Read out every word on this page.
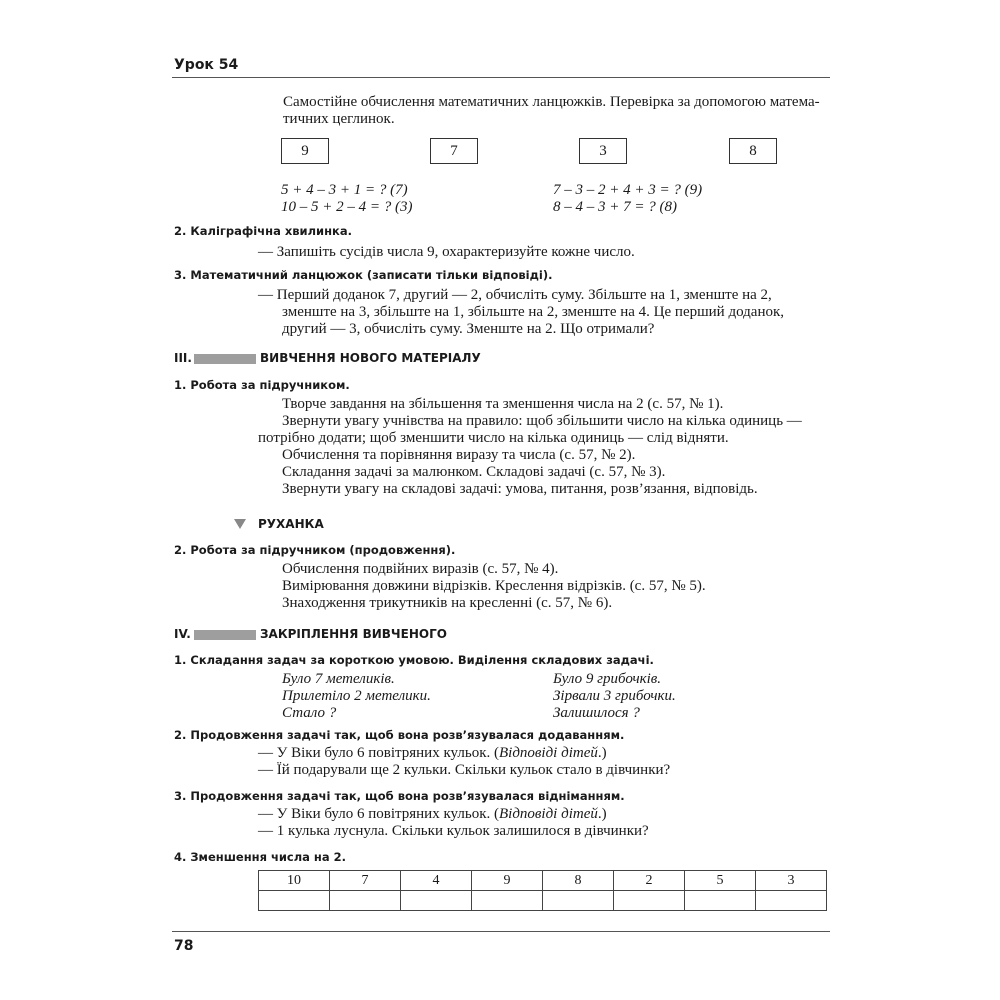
Урок 54
Самостійне обчислення математичних ланцюжків. Перевірка за допомогою матема-
тичних цеглинок.
9	7	3	8
5 + 4 – 3 + 1 = ? (7)
10 – 5 + 2 – 4 = ? (3)
7 – 3 – 2 + 4 + 3 = ? (9)
8 – 4 – 3 + 7 = ? (8)
2. Каліграфічна хвилинка.
— Запишіть сусідів числа 9, охарактеризуйте кожне число.
3. Математичний ланцюжок (записати тільки відповіді).
— Перший доданок 7, другий — 2, обчисліть суму. Збільште на 1, зменште на 2,
зменште на 3, збільште на 1, збільште на 2, зменште на 4. Це перший доданок,
другий — 3, обчисліть суму. Зменште на 2. Що отримали?
III.	ВИВЧЕННЯ НОВОГО МАТЕРІАЛУ
1. Робота за підручником.
Творче завдання на збільшення та зменшення числа на 2 (с. 57, № 1).
Звернути увагу учнівства на правило: щоб збільшити число на кілька одиниць —
потрібно додати; щоб зменшити число на кілька одиниць — слід відняти.
Обчислення та порівняння виразу та числа (с. 57, № 2).
Складання задачі за малюнком. Складові задачі (с. 57, № 3).
Звернути увагу на складові задачі: умова, питання, розв’язання, відповідь.
РУХАНКА
2. Робота за підручником (продовження).
Обчислення подвійних виразів (с. 57, № 4).
Вимірювання довжини відрізків. Креслення відрізків. (с. 57, № 5).
Знаходження трикутників на кресленні (с. 57, № 6).
IV.	ЗАКРІПЛЕННЯ ВИВЧЕНОГО
1. Складання задач за короткою умовою. Виділення складових задачі.
Було 7 метеликів.
Прилетіло 2 метелики.
Стало ?
Було 9 грибочків.
Зірвали 3 грибочки.
Залишилося ?
2. Продовження задачі так, щоб вона розв’язувалася додаванням.
— У Віки було 6 повітряних кульок. (Відповіді дітей.)
— Їй подарували ще 2 кульки. Скільки кульок стало в дівчинки?
3. Продовження задачі так, щоб вона розв’язувалася відніманням.
— У Віки було 6 повітряних кульок. (Відповіді дітей.)
— 1 кулька луснула. Скільки кульок залишилося в дівчинки?
4. Зменшення числа на 2.
10	7	4	9	8	2	5	3

78
